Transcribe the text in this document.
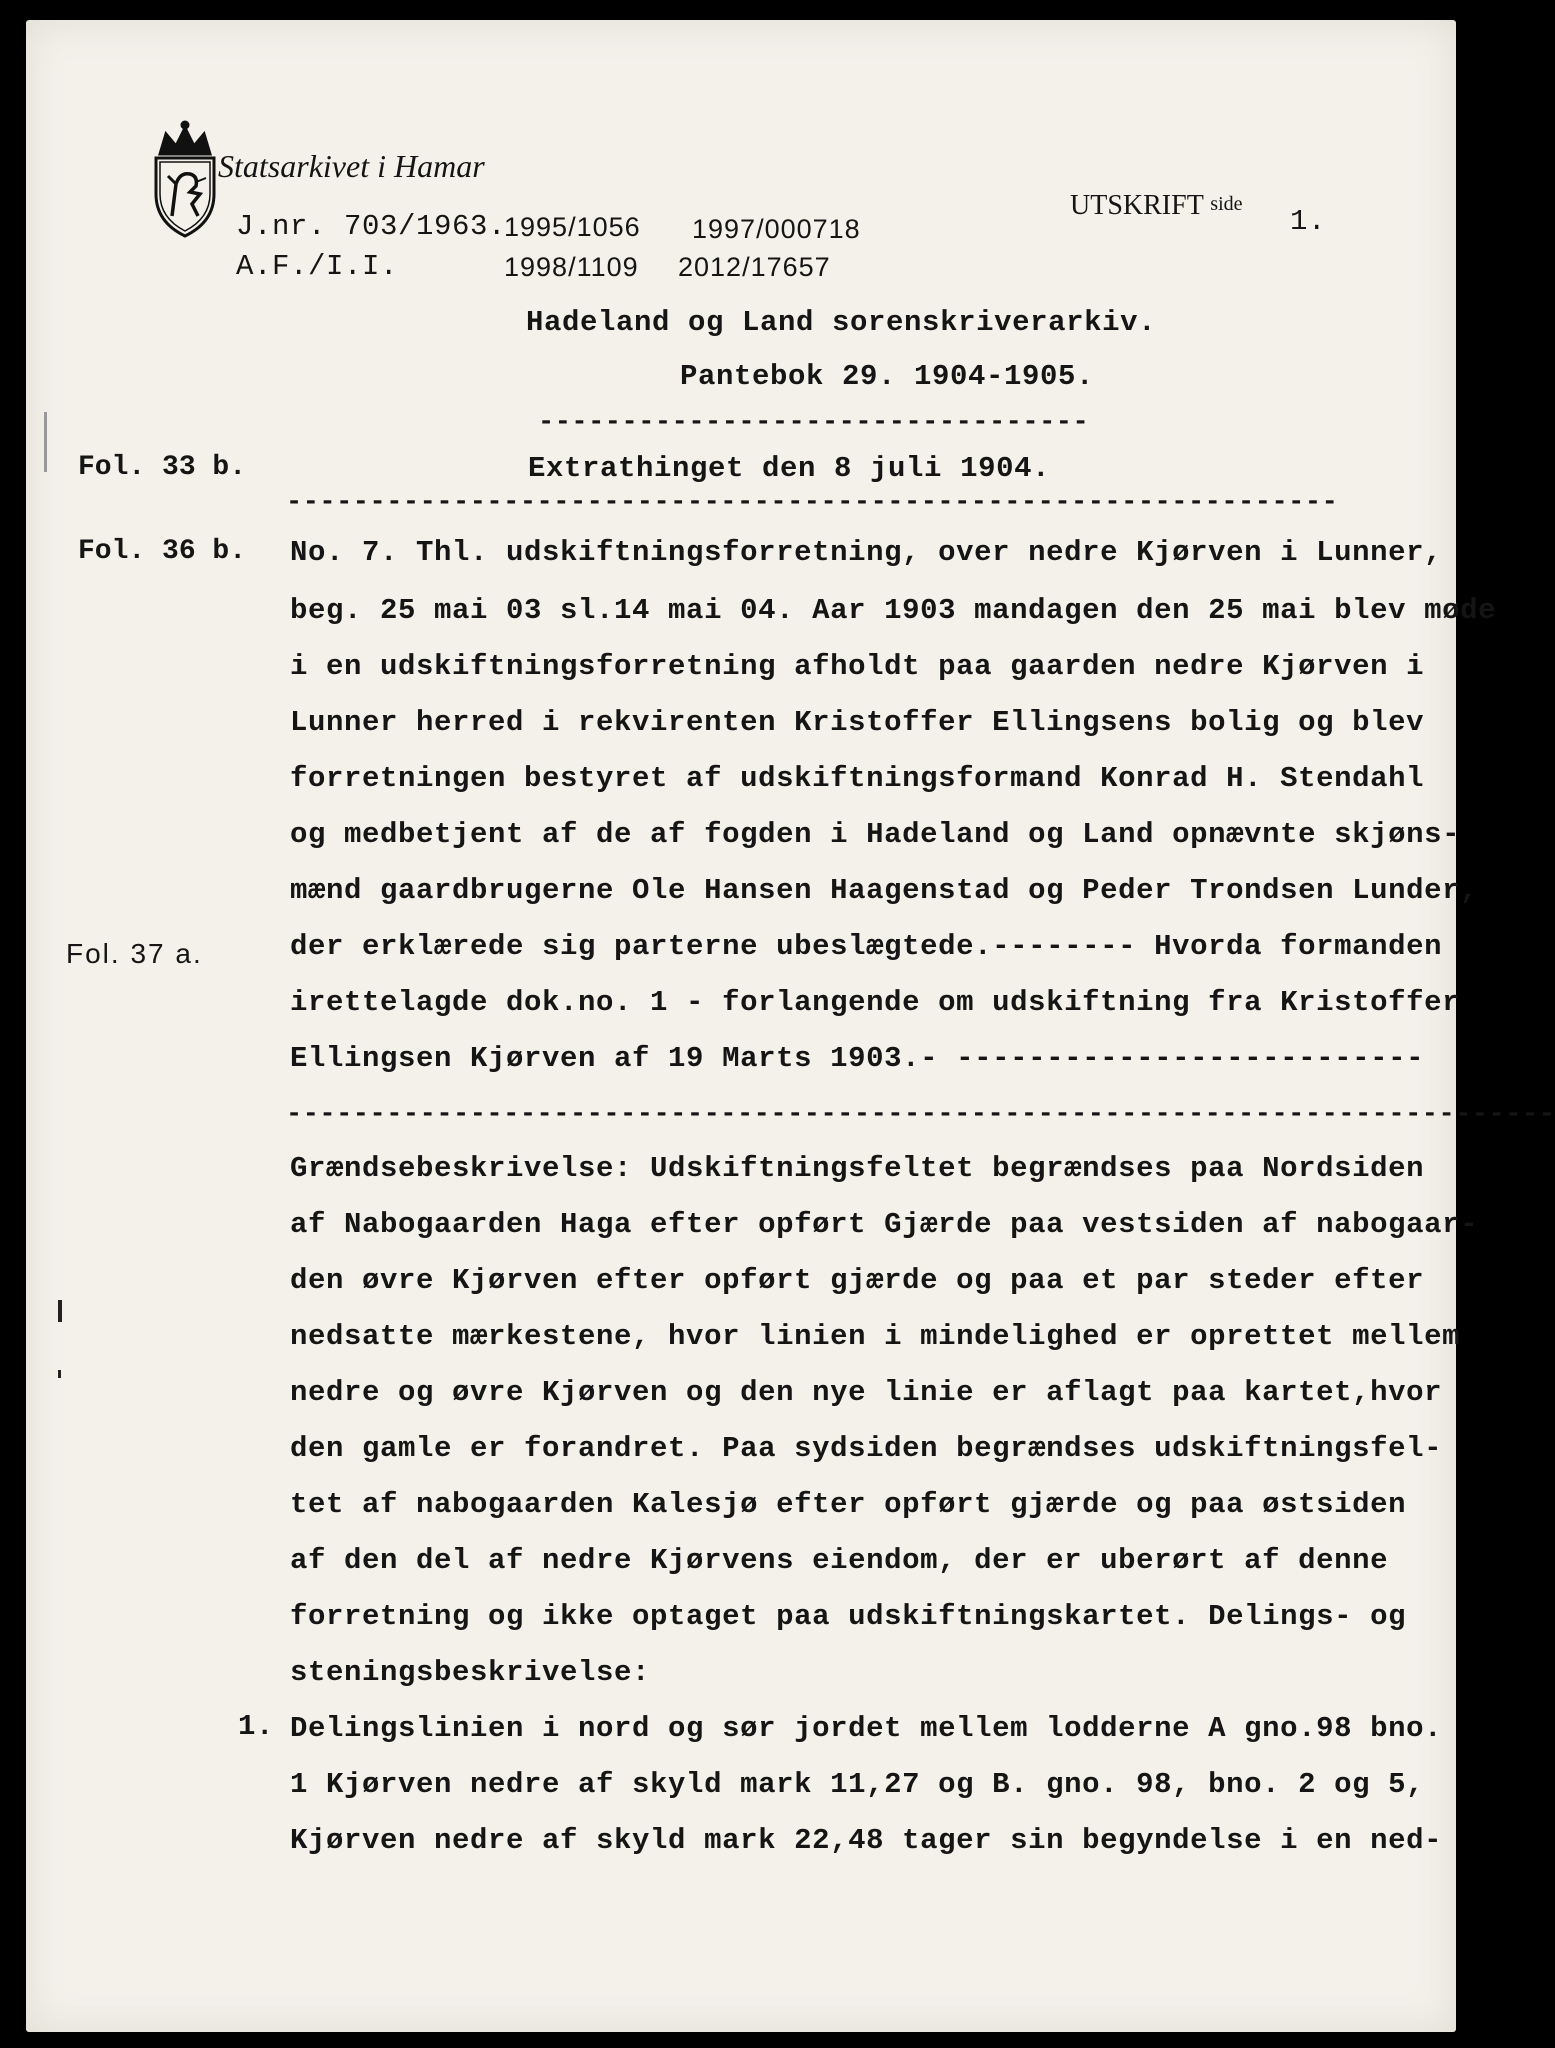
Statsarkivet i Hamar
J.nr. 703/1963.
A.F./I.I.
1995/1056 1997/000718
1998/1109 2012/17657
UTSKRIFT side
1.
Hadeland og Land sorenskriverarkiv.
Pantebok 29. 1904-1905.
---------------------------------
Extrathinget den 8 juli 1904.
---------------------------------------------------------------
Fol. 33 b.
Fol. 36 b.
Fol. 37 a.
No. 7. Thl. udskiftningsforretning, over nedre Kjørven i Lunner,
beg. 25 mai 03 sl.14 mai 04. Aar 1903 mandagen den 25 mai blev møde
i en udskiftningsforretning afholdt paa gaarden nedre Kjørven i
Lunner herred i rekvirenten Kristoffer Ellingsens bolig og blev
forretningen bestyret af udskiftningsformand Konrad H. Stendahl
og medbetjent af de af fogden i Hadeland og Land opnævnte skjøns-
mænd gaardbrugerne Ole Hansen Haagenstad og Peder Trondsen Lunder,
der erklærede sig parterne ubeslægtede.-------- Hvorda formanden
irettelagde dok.no. 1 - forlangende om udskiftning fra Kristoffer
Ellingsen Kjørven af 19 Marts 1903.- --------------------------
Grændsebeskrivelse: Udskiftningsfeltet begrændses paa Nordsiden
af Nabogaarden Haga efter opført Gjærde paa vestsiden af nabogaar-
den øvre Kjørven efter opført gjærde og paa et par steder efter
nedsatte mærkestene, hvor linien i mindelighed er oprettet mellem
nedre og øvre Kjørven og den nye linie er aflagt paa kartet,hvor
den gamle er forandret. Paa sydsiden begrændses udskiftningsfel-
tet af nabogaarden Kalesjø efter opført gjærde og paa østsiden
af den del af nedre Kjørvens eiendom, der er uberørt af denne
forretning og ikke optaget paa udskiftningskartet. Delings- og
steningsbeskrivelse:
Delingslinien i nord og sør jordet mellem lodderne A gno.98 bno.
1 Kjørven nedre af skyld mark 11,27 og B. gno. 98, bno. 2 og 5,
Kjørven nedre af skyld mark 22,48 tager sin begyndelse i en ned-
----------------------------------------------------------------------------
1.
